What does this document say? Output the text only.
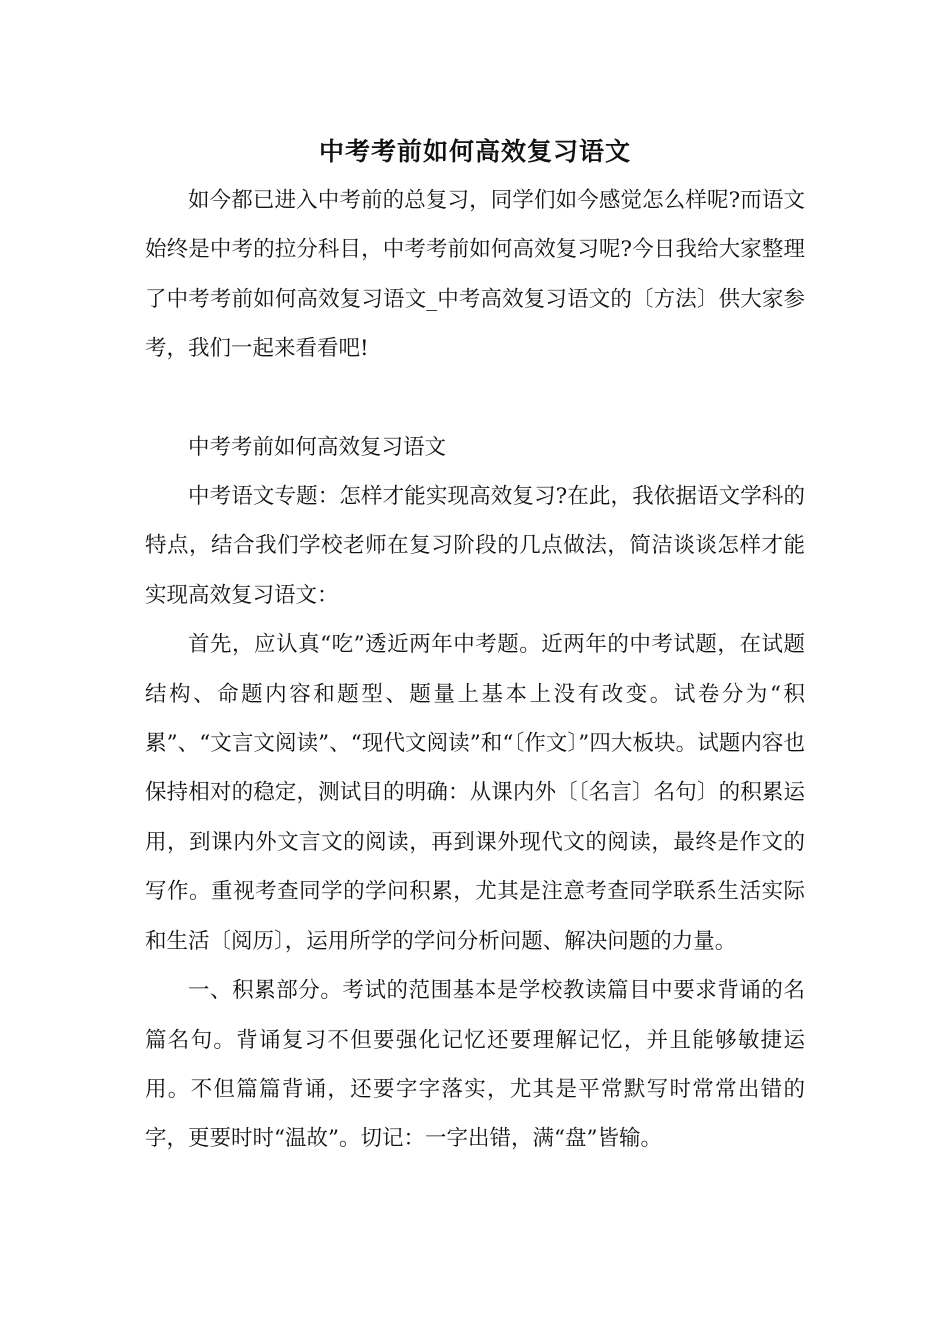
中考考前如何高效复习语文

如今都已进入中考前的总复习，同学们如今感觉怎么样呢?而语文始终是中考的拉分科目，中考考前如何高效复习呢?今日我给大家整理了中考考前如何高效复习语文_中考高效复习语文的〔方法〕供大家参考，我们一起来看看吧!

中考考前如何高效复习语文

中考语文专题：怎样才能实现高效复习?在此，我依据语文学科的特点，结合我们学校老师在复习阶段的几点做法，简洁谈谈怎样才能实现高效复习语文：

首先，应认真“吃”透近两年中考题。近两年的中考试题，在试题结构、命题内容和题型、题量上基本上没有改变。试卷分为“积累”、“文言文阅读”、“现代文阅读”和“〔作文〕”四大板块。试题内容也保持相对的稳定，测试目的明确：从课内外〔〔名言〕名句〕的积累运用，到课内外文言文的阅读，再到课外现代文的阅读，最终是作文的写作。重视考查同学的学问积累，尤其是注意考查同学联系生活实际和生活〔阅历〕，运用所学的学问分析问题、解决问题的力量。

一、积累部分。考试的范围基本是学校教读篇目中要求背诵的名篇名句。背诵复习不但要强化记忆还要理解记忆，并且能够敏捷运用。不但篇篇背诵，还要字字落实，尤其是平常默写时常常出错的字，更要时时“温故”。切记：一字出错，满“盘”皆输。
